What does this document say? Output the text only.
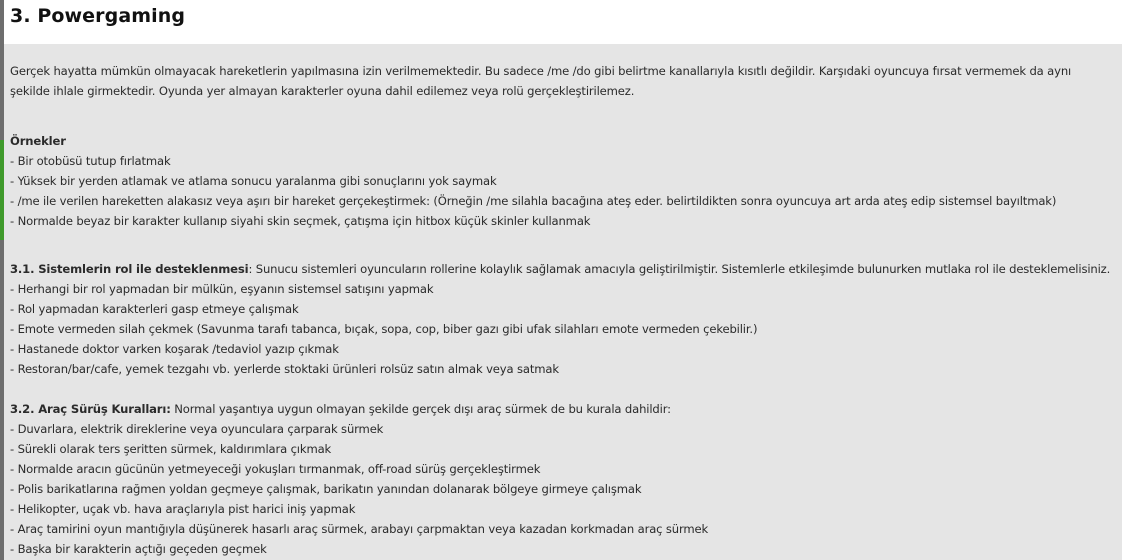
3. Powergaming
Gerçek hayatta mümkün olmayacak hareketlerin yapılmasına izin verilmemektedir. Bu sadece /me /do gibi belirtme kanallarıyla kısıtlı değildir. Karşıdaki oyuncuya fırsat vermemek da aynı
şekilde ihlale girmektedir. Oyunda yer almayan karakterler oyuna dahil edilemez veya rolü gerçekleştirilemez.
Örnekler
- Bir otobüsü tutup fırlatmak
- Yüksek bir yerden atlamak ve atlama sonucu yaralanma gibi sonuçlarını yok saymak
- /me ile verilen hareketten alakasız veya aşırı bir hareket gerçekeştirmek: (Örneğin /me silahla bacağına ateş eder. belirtildikten sonra oyuncuya art arda ateş edip sistemsel bayıltmak)
- Normalde beyaz bir karakter kullanıp siyahi skin seçmek, çatışma için hitbox küçük skinler kullanmak
3.1. Sistemlerin rol ile desteklenmesi: Sunucu sistemleri oyuncuların rollerine kolaylık sağlamak amacıyla geliştirilmiştir. Sistemlerle etkileşimde bulunurken mutlaka rol ile desteklemelisiniz.
- Herhangi bir rol yapmadan bir mülkün, eşyanın sistemsel satışını yapmak
- Rol yapmadan karakterleri gasp etmeye çalışmak
- Emote vermeden silah çekmek (Savunma tarafı tabanca, bıçak, sopa, cop, biber gazı gibi ufak silahları emote vermeden çekebilir.)
- Hastanede doktor varken koşarak /tedaviol yazıp çıkmak
- Restoran/bar/cafe, yemek tezgahı vb. yerlerde stoktaki ürünleri rolsüz satın almak veya satmak
3.2. Araç Sürüş Kuralları: Normal yaşantıya uygun olmayan şekilde gerçek dışı araç sürmek de bu kurala dahildir:
- Duvarlara, elektrik direklerine veya oyunculara çarparak sürmek
- Sürekli olarak ters şeritten sürmek, kaldırımlara çıkmak
- Normalde aracın gücünün yetmeyeceği yokuşları tırmanmak, off-road sürüş gerçekleştirmek
- Polis barikatlarına rağmen yoldan geçmeye çalışmak, barikatın yanından dolanarak bölgeye girmeye çalışmak
- Helikopter, uçak vb. hava araçlarıyla pist harici iniş yapmak
- Araç tamirini oyun mantığıyla düşünerek hasarlı araç sürmek, arabayı çarpmaktan veya kazadan korkmadan araç sürmek
- Başka bir karakterin açtığı geçeden geçmek
